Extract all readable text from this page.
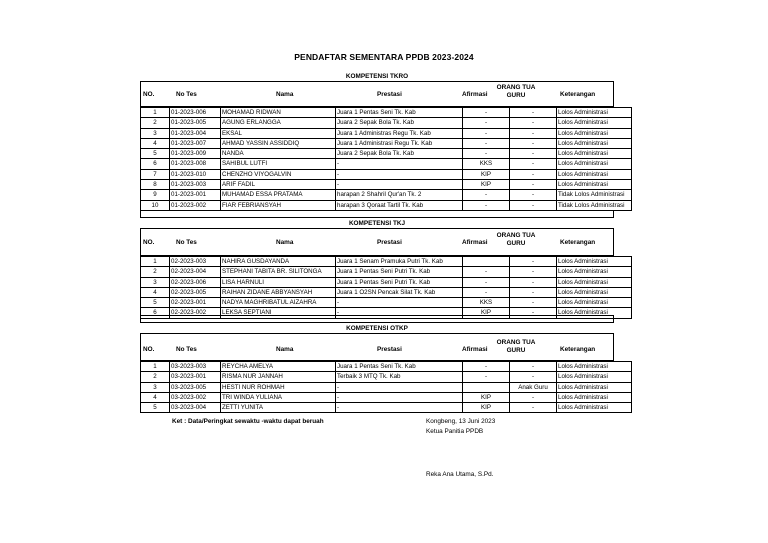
PENDAFTAR SEMENTARA PPDB 2023-2024
KOMPETENSI TKRO
NO.	No Tes	Nama	Prestasi	Afirmasi
ORANG TUA
GURU	Keterangan
1	01-2023-006	MOHAMAD RIDWAN	Juara 1 Pentas Seni Tk. Kab	-	-	Lolos Administrasi
2	01-2023-005	AGUNG ERLANGGA	Juara 2 Sepak Bola Tk. Kab	-	-	Lolos Administrasi
3	01-2023-004	EKSAL	Juara 1 Administras Regu Tk. Kab	-	-	Lolos Administrasi
4	01-2023-007	AHMAD YASSIN ASSIDDIQ	Juara 1 Administrasi Regu Tk. Kab	-	-	Lolos Administrasi
5	01-2023-009	NANDA	Juara 2 Sepak Bola Tk. Kab	-	-	Lolos Administrasi
6	01-2023-008	SAHIBUL LUTFI	-	KKS	-	Lolos Administrasi
7	01-2023-010	CHENZHO VIYOGALVIN	-	KIP	-	Lolos Administrasi
8	01-2023-003	ARIF FADIL	-	KIP	-	Lolos Administrasi
9	01-2023-001	MUHAMAD ESSA PRATAMA	harapan 2 Shahril Qur'an Tk. 2	-	-	Tidak Lolos Administrasi
10	01-2023-002	FIAR FEBRIANSYAH	harapan 3 Qoraat Tartil Tk. Kab	-	-	Tidak Lolos Administrasi
KOMPETENSI TKJ
NO.	No Tes	Nama	Prestasi	Afirmasi
ORANG TUA
GURU	Keterangan
1	02-2023-003	NAHIRA GUSDAYANDA	Juara 1 Senam Pramuka Putri Tk. Kab		-	Lolos Administrasi
2	02-2023-004	STEPHANI TABITA BR. SILITONGA	Juara 1 Pentas Seni Putri Tk. Kab	-	-	Lolos Administrasi
3	02-2023-006	LISA HARNULI	Juara 1 Pentas Seni Putri Tk. Kab	-	-	Lolos Administrasi
4	02-2023-005	RAIHAN ZIDANE ABBYANSYAH	Juara 1 O2SN Pencak Silat Tk. Kab	-	-	Lolos Administrasi
5	02-2023-001	NADYA MAGHRIBATUL AIZAHRA	-	KKS	-	Lolos Administrasi
6	02-2023-002	LEKSA SEPTIANI	-	KIP	-	Lolos Administrasi
KOMPETENSI OTKP
NO.	No Tes	Nama	Prestasi	Afirmasi
ORANG TUA
GURU	Keterangan
1	03-2023-003	REYCHA AMELYA	Juara 1 Pentas Seni Tk. Kab	-	-	Lolos Administrasi
2	03-2023-001	RISMA NUR JANNAH	Terbaik 3 MTQ Tk. Kab	-	-	Lolos Administrasi
3	03-2023-005	HESTI NUR ROHMAH	-		Anak Guru	Lolos Administrasi
4	03-2023-002	TRI WINDA YULIANA	-	KIP	-	Lolos Administrasi
5	03-2023-004	ZETTI YUNITA	-	KIP	-	Lolos Administrasi
Ket : Data/Peringkat sewaktu -waktu dapat beruah	Kongbeng, 13 Juni 2023
Ketua Panitia PPDB
Reka Ana Utama, S.Pd.
